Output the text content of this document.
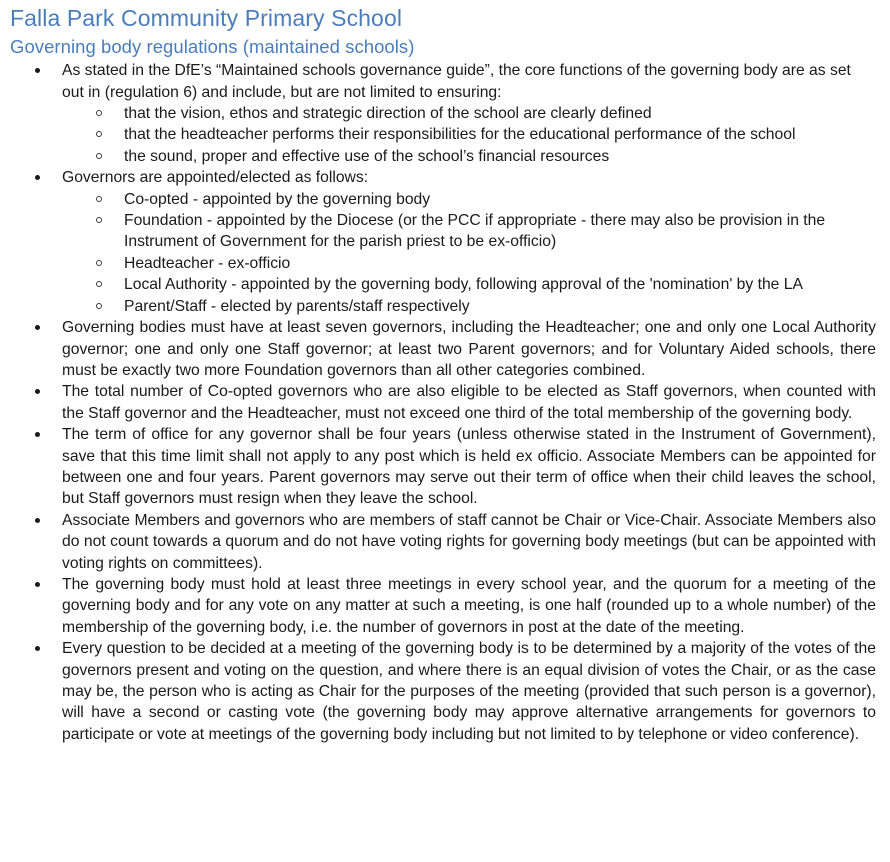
Falla Park Community Primary School
Governing body regulations (maintained schools)
As stated in the DfE’s “Maintained schools governance guide”, the core functions of the governing body are as set out in (regulation 6) and include, but are not limited to ensuring:
that the vision, ethos and strategic direction of the school are clearly defined
that the headteacher performs their responsibilities for the educational performance of the school
the sound, proper and effective use of the school’s financial resources
Governors are appointed/elected as follows:
Co-opted - appointed by the governing body
Foundation - appointed by the Diocese (or the PCC if appropriate - there may also be provision in the Instrument of Government for the parish priest to be ex-officio)
Headteacher - ex-officio
Local Authority - appointed by the governing body, following approval of the 'nomination' by the LA
Parent/Staff - elected by parents/staff respectively
Governing bodies must have at least seven governors, including the Headteacher; one and only one Local Authority governor; one and only one Staff governor; at least two Parent governors; and for Voluntary Aided schools, there must be exactly two more Foundation governors than all other categories combined.
The total number of Co-opted governors who are also eligible to be elected as Staff governors, when counted with the Staff governor and the Headteacher, must not exceed one third of the total membership of the governing body.
The term of office for any governor shall be four years (unless otherwise stated in the Instrument of Government), save that this time limit shall not apply to any post which is held ex officio. Associate Members can be appointed for between one and four years. Parent governors may serve out their term of office when their child leaves the school, but Staff governors must resign when they leave the school.
Associate Members and governors who are members of staff cannot be Chair or Vice-Chair. Associate Members also do not count towards a quorum and do not have voting rights for governing body meetings (but can be appointed with voting rights on committees).
The governing body must hold at least three meetings in every school year, and the quorum for a meeting of the governing body and for any vote on any matter at such a meeting, is one half (rounded up to a whole number) of the membership of the governing body, i.e. the number of governors in post at the date of the meeting.
Every question to be decided at a meeting of the governing body is to be determined by a majority of the votes of the governors present and voting on the question, and where there is an equal division of votes the Chair, or as the case may be, the person who is acting as Chair for the purposes of the meeting (provided that such person is a governor), will have a second or casting vote (the governing body may approve alternative arrangements for governors to participate or vote at meetings of the governing body including but not limited to by telephone or video conference).
